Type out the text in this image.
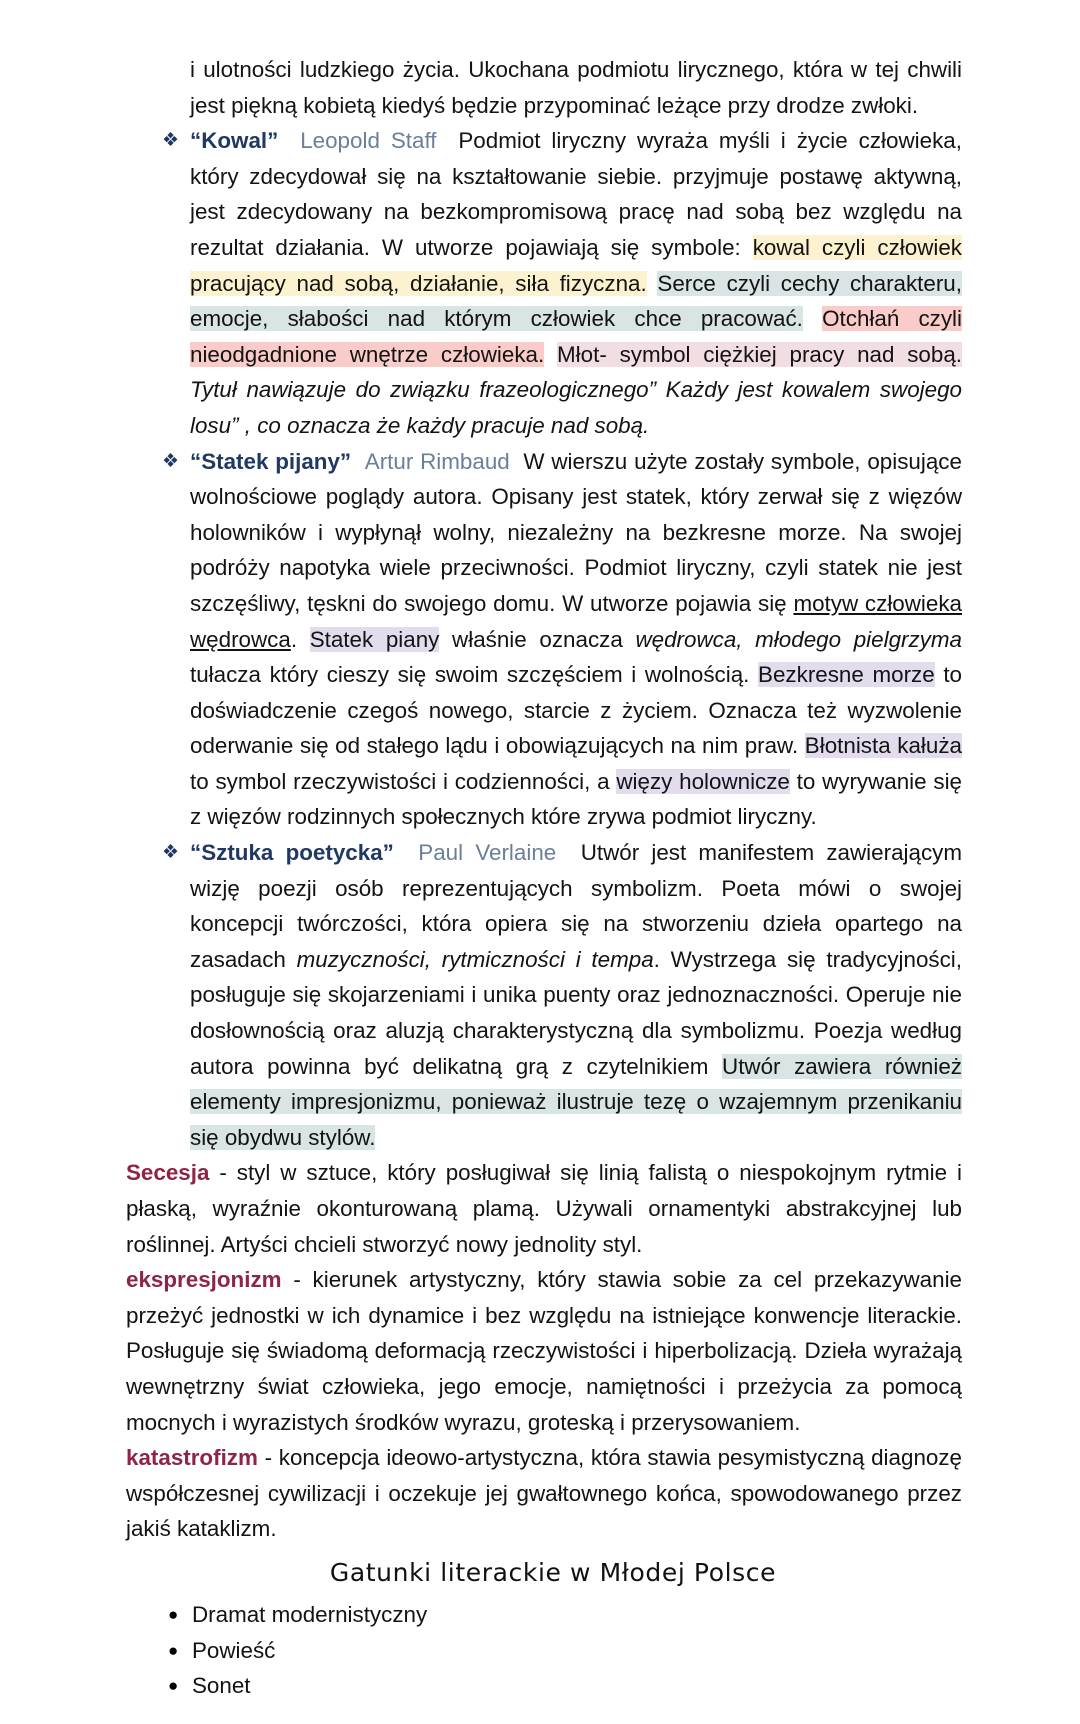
i ulotności ludzkiego życia. Ukochana podmiotu lirycznego, która w tej chwili jest piękną kobietą kiedyś będzie przypominać leżące przy drodze zwłoki.

❖ “Kowal” Leopold Staff Podmiot liryczny wyraża myśli i życie człowieka, który zdecydował się na kształtowanie siebie. przyjmuje postawę aktywną, jest zdecydowany na bezkompromisową pracę nad sobą bez względu na rezultat działania. W utworze pojawiają się symbole: kowal czyli człowiek pracujący nad sobą, działanie, siła fizyczna. Serce czyli cechy charakteru, emocje, słabości nad którym człowiek chce pracować. Otchłań czyli nieodgadnione wnętrze człowieka. Młot- symbol ciężkiej pracy nad sobą. Tytuł nawiązuje do związku frazeologicznego” Każdy jest kowalem swojego losu” , co oznacza że każdy pracuje nad sobą.
❖ “Statek pijany” Artur Rimbaud W wierszu użyte zostały symbole, opisujące wolnościowe poglądy autora. Opisany jest statek, który zerwał się z więzów holowników i wypłynął wolny, niezależny na bezkresne morze. Na swojej podróży napotyka wiele przeciwności. Podmiot liryczny, czyli statek nie jest szczęśliwy, tęskni do swojego domu. W utworze pojawia się motyw człowieka wędrowca. Statek piany właśnie oznacza wędrowca, młodego pielgrzyma tułacza który cieszy się swoim szczęściem i wolnością. Bezkresne morze to doświadczenie czegoś nowego, starcie z życiem. Oznacza też wyzwolenie oderwanie się od stałego lądu i obowiązujących na nim praw. Błotnista kałuża to symbol rzeczywistości i codzienności, a więzy holownicze to wyrywanie się z więzów rodzinnych społecznych które zrywa podmiot liryczny.
❖ “Sztuka poetycka” Paul Verlaine Utwór jest manifestem zawierającym wizję poezji osób reprezentujących symbolizm. Poeta mówi o swojej koncepcji twórczości, która opiera się na stworzeniu dzieła opartego na zasadach muzyczności, rytmiczności i tempa. Wystrzega się tradycyjności, posługuje się skojarzeniami i unika puenty oraz jednoznaczności. Operuje nie dosłownością oraz aluzją charakterystyczną dla symbolizmu. Poezja według autora powinna być delikatną grą z czytelnikiem Utwór zawiera również elementy impresjonizmu, ponieważ ilustruje tezę o wzajemnym przenikaniu się obydwu stylów.

Secesja - styl w sztuce, który posługiwał się linią falistą o niespokojnym rytmie i płaską, wyraźnie okonturowaną plamą. Używali ornamentyki abstrakcyjnej lub roślinnej. Artyści chcieli stworzyć nowy jednolity styl.

ekspresjonizm - kierunek artystyczny, który stawia sobie za cel przekazywanie przeżyć jednostki w ich dynamice i bez względu na istniejące konwencje literackie. Posługuje się świadomą deformacją rzeczywistości i hiperbolizacją. Dzieła wyrażają wewnętrzny świat człowieka, jego emocje, namiętności i przeżycia za pomocą mocnych i wyrazistych środków wyrazu, groteską i przerysowaniem.

katastrofizm - koncepcja ideowo-artystyczna, która stawia pesymistyczną diagnozę współczesnej cywilizacji i oczekuje jej gwałtownego końca, spowodowanego przez jakiś kataklizm.

Gatunki literackie w Młodej Polsce
● Dramat modernistyczny
● Powieść
● Sonet
